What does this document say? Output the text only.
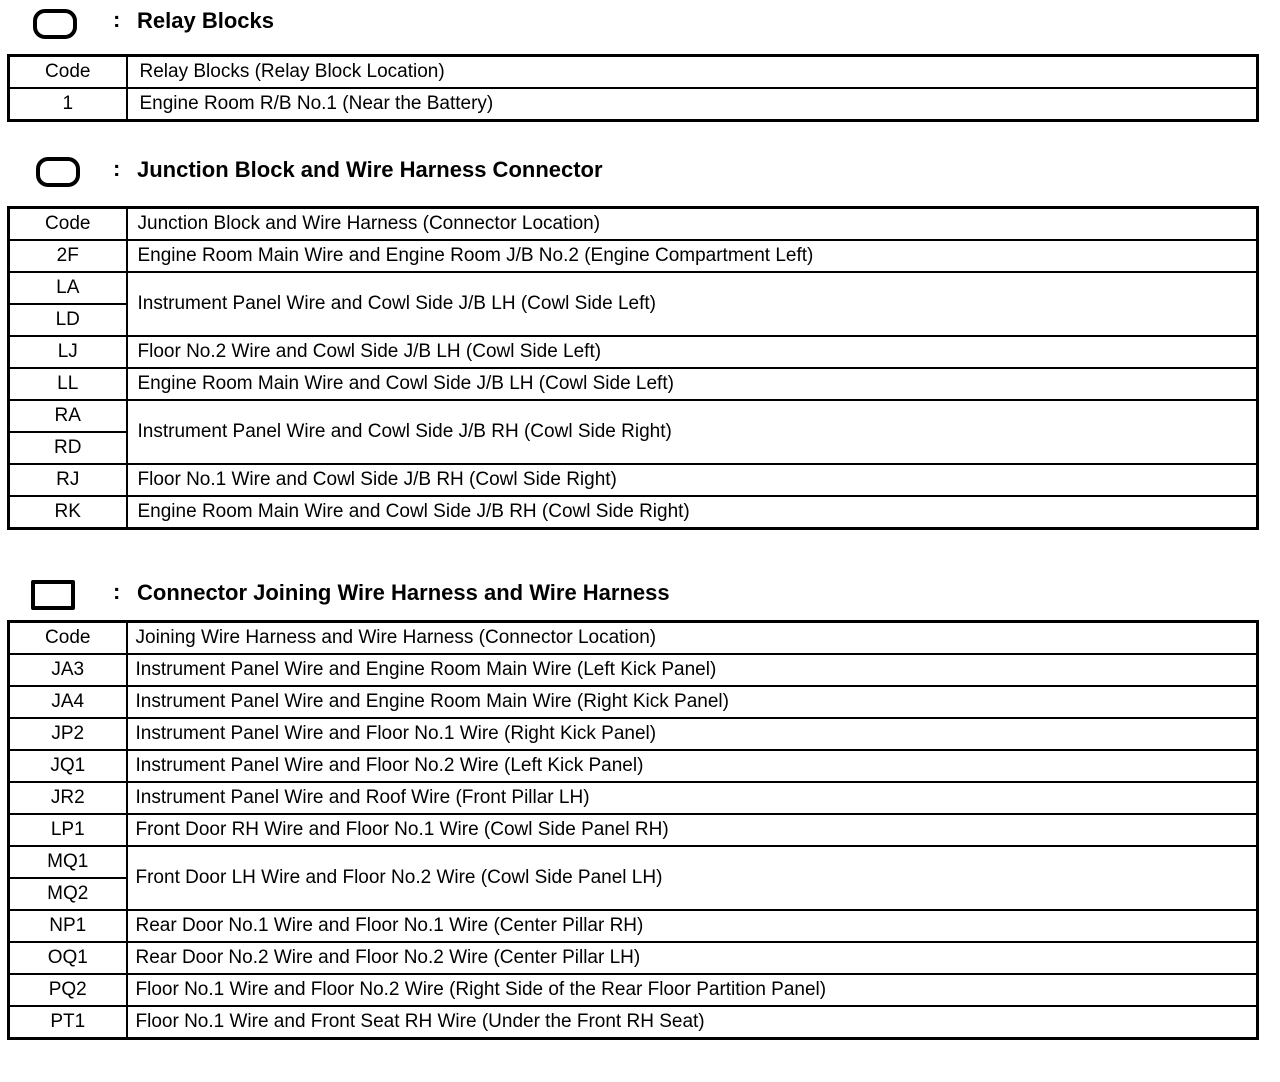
: Relay Blocks
Code	Relay Blocks (Relay Block Location)
1	Engine Room R/B No.1 (Near the Battery)
: Junction Block and Wire Harness Connector
Code	Junction Block and Wire Harness (Connector Location)
2F	Engine Room Main Wire and Engine Room J/B No.2 (Engine Compartment Left)
LA	Instrument Panel Wire and Cowl Side J/B LH (Cowl Side Left)
LD	
LJ	Floor No.2 Wire and Cowl Side J/B LH (Cowl Side Left)
LL	Engine Room Main Wire and Cowl Side J/B LH (Cowl Side Left)
RA	Instrument Panel Wire and Cowl Side J/B RH (Cowl Side Right)
RD	
RJ	Floor No.1 Wire and Cowl Side J/B RH (Cowl Side Right)
RK	Engine Room Main Wire and Cowl Side J/B RH (Cowl Side Right)
: Connector Joining Wire Harness and Wire Harness
Code	Joining Wire Harness and Wire Harness (Connector Location)
JA3	Instrument Panel Wire and Engine Room Main Wire (Left Kick Panel)
JA4	Instrument Panel Wire and Engine Room Main Wire (Right Kick Panel)
JP2	Instrument Panel Wire and Floor No.1 Wire (Right Kick Panel)
JQ1	Instrument Panel Wire and Floor No.2 Wire (Left Kick Panel)
JR2	Instrument Panel Wire and Roof Wire (Front Pillar LH)
LP1	Front Door RH Wire and Floor No.1 Wire (Cowl Side Panel RH)
MQ1	Front Door LH Wire and Floor No.2 Wire (Cowl Side Panel LH)
MQ2	
NP1	Rear Door No.1 Wire and Floor No.1 Wire (Center Pillar RH)
OQ1	Rear Door No.2 Wire and Floor No.2 Wire (Center Pillar LH)
PQ2	Floor No.1 Wire and Floor No.2 Wire (Right Side of the Rear Floor Partition Panel)
PT1	Floor No.1 Wire and Front Seat RH Wire (Under the Front RH Seat)
